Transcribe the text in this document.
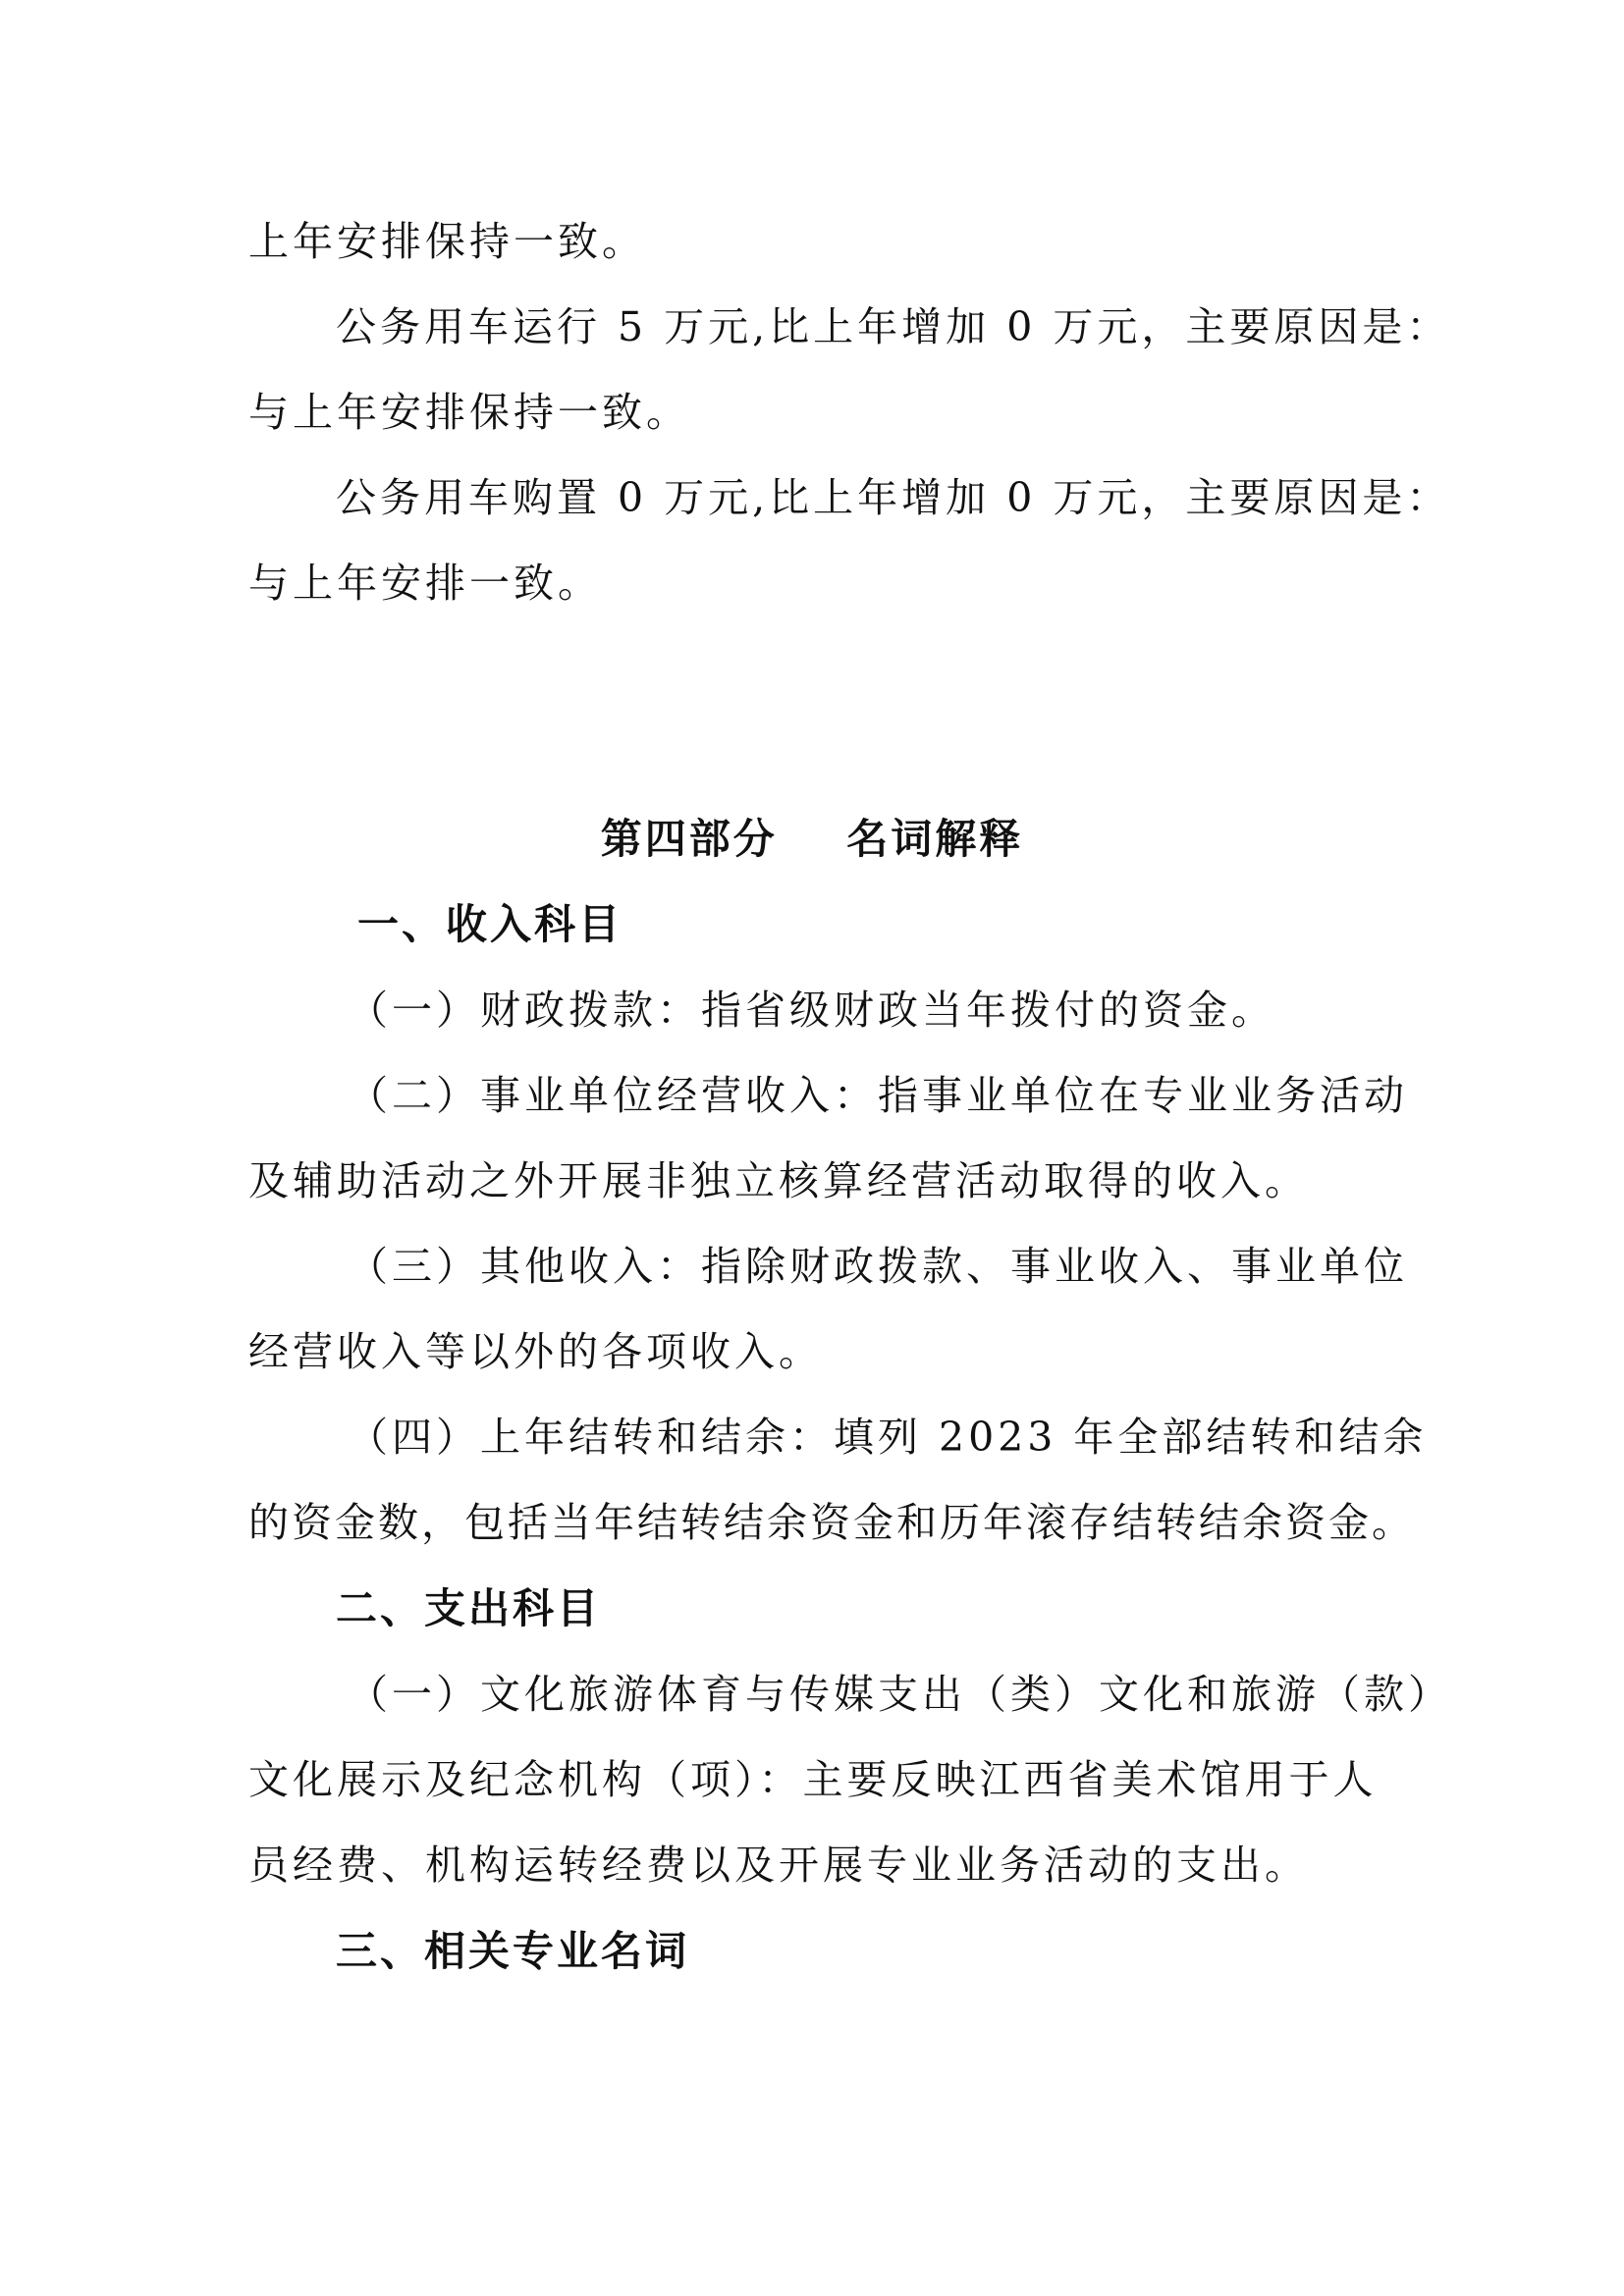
上年安排保持一致。

公务用车运行 5 万元,比上年增加 0 万元，主要原因是：

与上年安排保持一致。

公务用车购置 0 万元,比上年增加 0 万元，主要原因是：

与上年安排一致。

第四部分    名词解释
一、收入科目

（一）财政拨款：指省级财政当年拨付的资金。

（二）事业单位经营收入：指事业单位在专业业务活动

及辅助活动之外开展非独立核算经营活动取得的收入。

（三）其他收入：指除财政拨款、事业收入、事业单位

经营收入等以外的各项收入。

（四）上年结转和结余：填列 2023 年全部结转和结余

的资金数，包括当年结转结余资金和历年滚存结转结余资金。

二、支出科目

（一）文化旅游体育与传媒支出（类）文化和旅游（款）

文化展示及纪念机构（项）：主要反映江西省美术馆用于人

员经费、机构运转经费以及开展专业业务活动的支出。

三、相关专业名词
